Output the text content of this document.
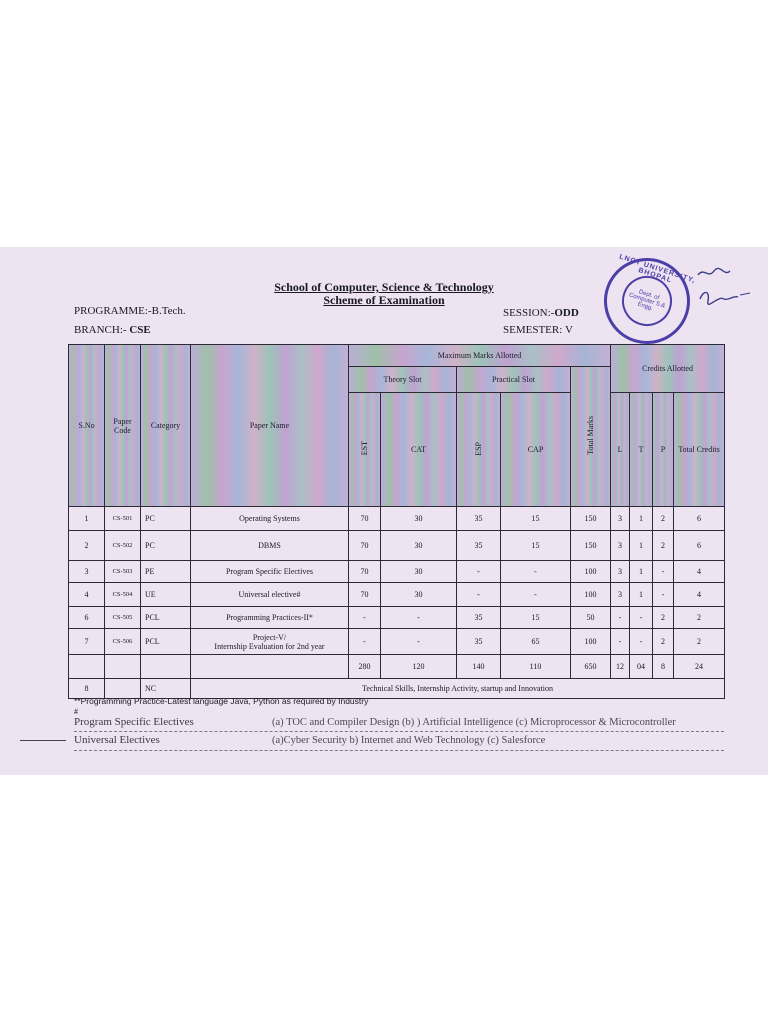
School of Computer, Science & Technology
Scheme of Examination
PROGRAMME:-B.Tech.
BRANCH:- CSE
SESSION:-ODD
SEMESTER: V
LNCT UNIVERSITY, BHOPAL
Dept. of Computer S.& Engg.
S.No	Paper Code	Category	Paper Name	Maximum Marks Allotted					Credits Allotted			
				Theory Slot		Practical Slot		Total Marks				
				EST	CAT	ESP	CAP		L	T	P	Total Credits
1	CS-501	PC	Operating Systems	70	30	35	15	150	3	1	2	6
2	CS-502	PC	DBMS	70	30	35	15	150	3	1	2	6
3	CS-503	PE	Program Specific Electives	70	30	-	-	100	3	1	-	4
4	CS-504	UE	Universal elective#	70	30	-	-	100	3	1	-	4
6	CS-505	PCL	Programming Practices-II*	-	-	35	15	50	-	-	2	2
7	CS-506	PCL	Project-V/
Internship Evaluation for 2nd year	-	-	35	65	100	-	-	2	2
				280	120	140	110	650	12	04	8	24
8		NC	Technical Skills, Internship Activity, startup and Innovation									
**Programming Practice-Latest language Java, Python as required by Industry
#
Program Specific Electives	(a) TOC and Compiler Design (b) ) Artificial Intelligence (c) Microprocessor & Microcontroller
Universal Electives	(a)Cyber Security b) Internet and Web Technology (c) Salesforce
